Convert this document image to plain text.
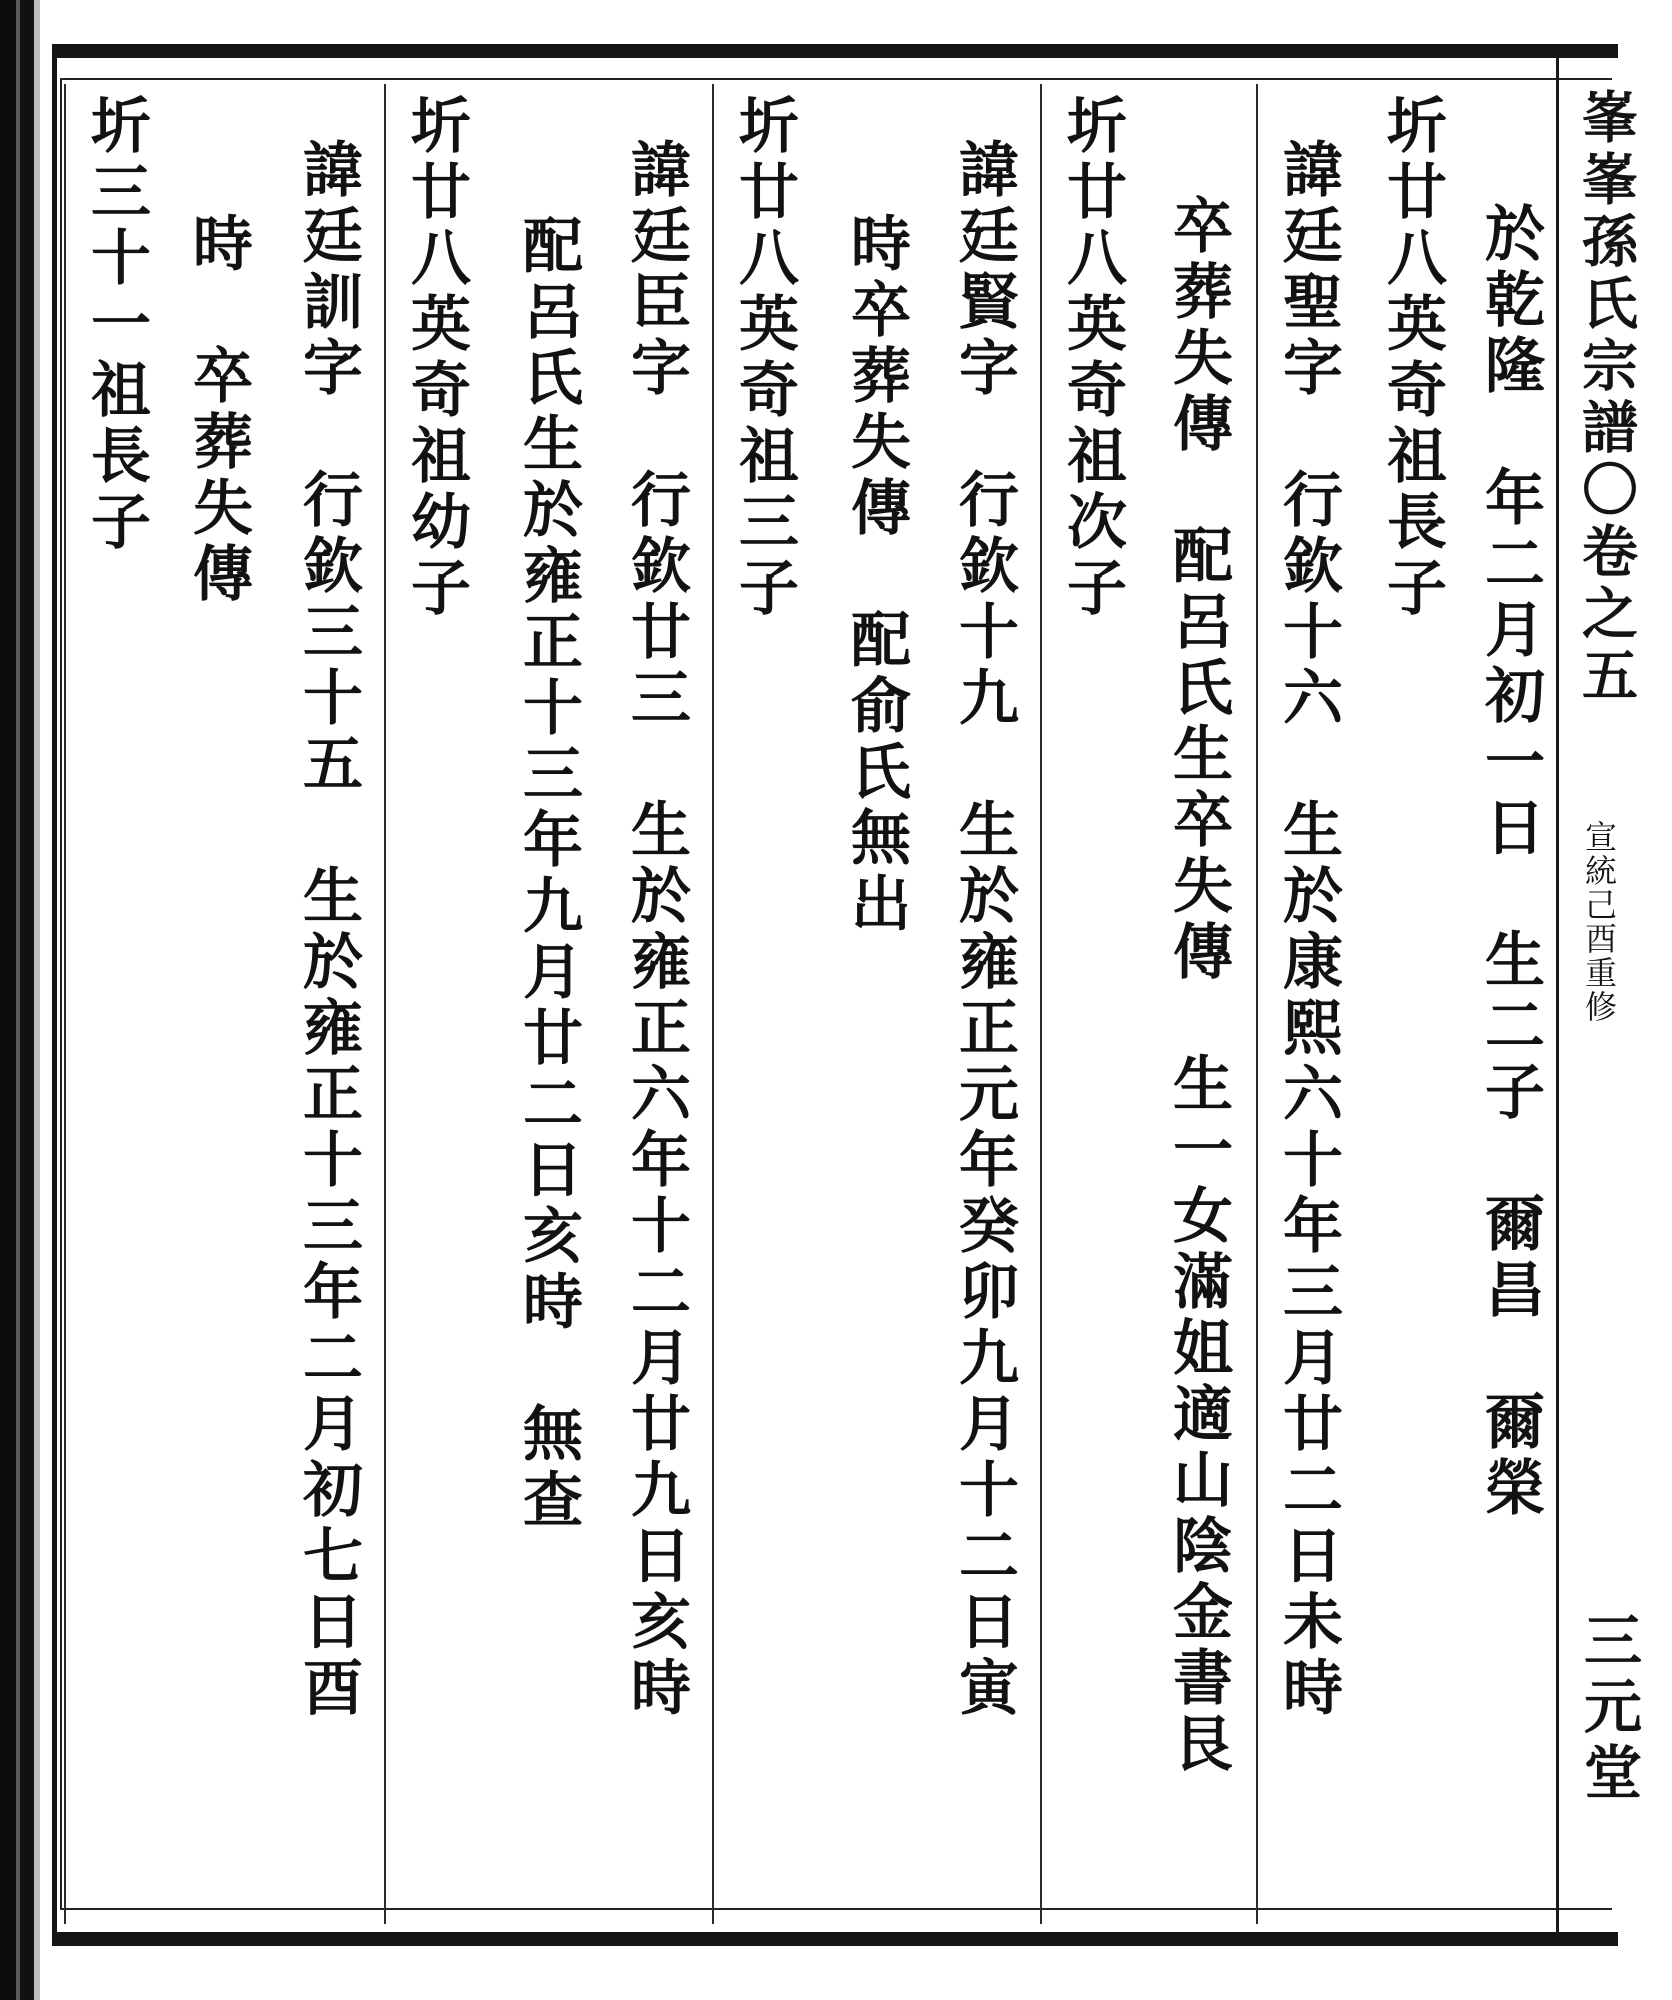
峯峯孫氏宗譜〇卷之五
宣統己酉重修
三元堂
於乾隆　年二月初一日　生二子　爾昌　爾榮
圻廿八英奇祖長子
諱廷聖字　行欽十六　生於康熙六十年三月廿二日未時
卒葬失傳　配呂氏生卒失傳　生一女滿姐適山陰金書艮
圻廿八英奇祖次子
諱廷賢字　行欽十九　生於雍正元年癸卯九月十二日寅
時卒葬失傳　配俞氏無出
圻廿八英奇祖三子
諱廷臣字　行欽廿三　生於雍正六年十二月廿九日亥時
配呂氏生於雍正十三年九月廿二日亥時　無查
圻廿八英奇祖幼子
諱廷訓字　行欽三十五　生於雍正十三年二月初七日酉
時　卒葬失傳
圻三十一祖長子
